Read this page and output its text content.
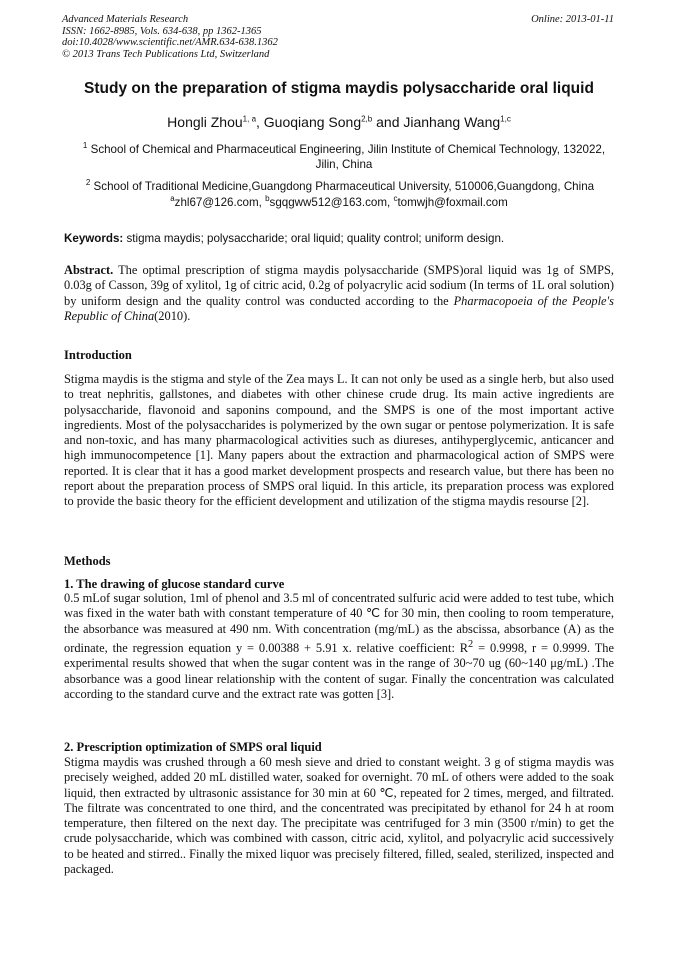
Advanced Materials Research
ISSN: 1662-8985, Vols. 634-638, pp 1362-1365
doi:10.4028/www.scientific.net/AMR.634-638.1362
© 2013 Trans Tech Publications Ltd, Switzerland
Online: 2013-01-11
Study on the preparation of stigma maydis polysaccharide oral liquid
Hongli Zhou$^{1, a}$, Guoqiang Song$^{2,b}$ and Jianhang Wang$^{1,c}$
$^1$ School of Chemical and Pharmaceutical Engineering, Jilin Institute of Chemical Technology, 132022, Jilin, China
$^2$ School of Traditional Medicine,Guangdong Pharmaceutical University, 510006,Guangdong, China
$^a$zhl67@126.com, $^b$sgqgww512@163.com, $^c$tomwjh@foxmail.com
Keywords: stigma maydis; polysaccharide; oral liquid; quality control; uniform design.
Abstract. The optimal prescription of stigma maydis polysaccharide (SMPS)oral liquid was 1g of SMPS, 0.03g of Casson, 39g of xylitol, 1g of citric acid, 0.2g of polyacrylic acid sodium (In terms of 1L oral solution) by uniform design and the quality control was conducted according to the Pharmacopoeia of the People's Republic of China(2010).
Introduction
Stigma maydis is the stigma and style of the Zea mays L. It can not only be used as a single herb, but also used to treat nephritis, gallstones, and diabetes with other chinese crude drug. Its main active ingredients are polysaccharide, flavonoid and saponins compound, and the SMPS is one of the most important active ingredients. Most of the polysaccharides is polymerized by the own sugar or pentose polymerization. It is safe and non-toxic, and has many pharmacological activities such as diureses, antihyperglycemic, anticancer and high immunocompetence [1]. Many papers about the extraction and pharmacological action of SMPS were reported. It is clear that it has a good market development prospects and research value, but there has been no report about the preparation process of SMPS oral liquid. In this article, its preparation process was explored to provide the basic theory for the efficient development and utilization of the stigma maydis resourse [2].
Methods
1. The drawing of glucose standard curve
0.5 mLof sugar solution, 1ml of phenol and 3.5 ml of concentrated sulfuric acid were added to test tube, which was fixed in the water bath with constant temperature of 40 ℃ for 30 min, then cooling to room temperature, the absorbance was measured at 490 nm. With concentration (mg/mL) as the abscissa, absorbance (A) as the ordinate, the regression equation y = 0.00388 + 5.91 x. relative coefficient: $R^2 = 0.9998$, r = 0.9999. The experimental results showed that when the sugar content was in the range of 30~70 ug (60~140 μg/mL) .The absorbance was a good linear relationship with the content of sugar. Finally the concentration was calculated according to the standard curve and the extract rate was gotten [3].
2. Prescription optimization of SMPS oral liquid
Stigma maydis was crushed through a 60 mesh sieve and dried to constant weight. 3 g of stigma maydis was precisely weighed, added 20 mL distilled water, soaked for overnight. 70 mL of others were added to the soak liquid, then extracted by ultrasonic assistance for 30 min at 60 ℃, repeated for 2 times, merged, and filtrated. The filtrate was concentrated to one third, and the concentrated was precipitated by ethanol for 24 h at room temperature, then filtered on the next day. The precipitate was centrifuged for 3 min (3500 r/min) to get the crude polysaccharide, which was combined with casson, citric acid, xylitol, and polyacrylic acid successively to be heated and stirred.. Finally the mixed liquor was precisely filtered, filled, sealed, sterilized, inspected and packaged.
